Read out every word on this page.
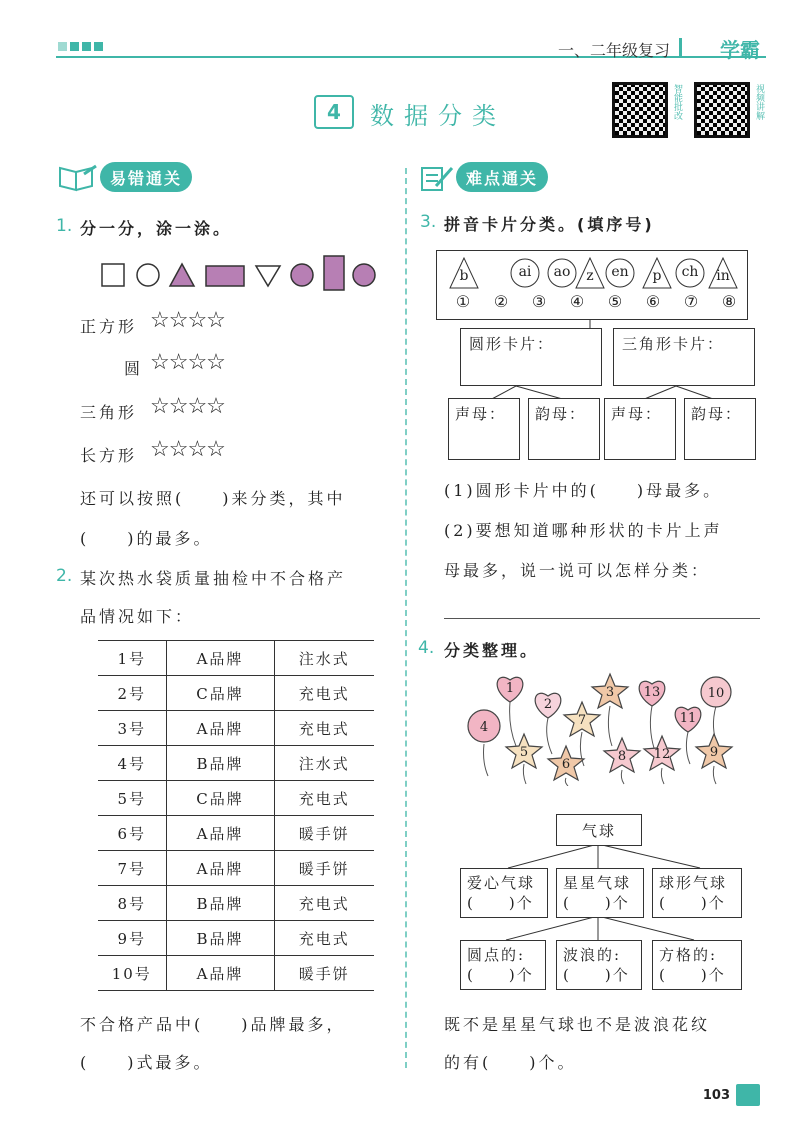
一、二年级复习	学霸
4	数据分类	智能批改	视频讲解
易错通关
1. 分一分，涂一涂。
正方形 ☆☆☆☆
圆 ☆☆☆☆
三角形 ☆☆☆☆
长方形 ☆☆☆☆
还可以按照(　　)来分类，其中
(　　)的最多。
2. 某次热水袋质量抽检中不合格产
品情况如下：
1号	A品牌	注水式
2号	C品牌	充电式
3号	A品牌	充电式
4号	B品牌	注水式
5号	C品牌	充电式
6号	A品牌	暖手饼
7号	A品牌	暖手饼
8号	B品牌	充电式
9号	B品牌	充电式
10号	A品牌	暖手饼
不合格产品中(　　)品牌最多，
(　　)式最多。
难点通关
3. 拼音卡片分类。(填序号)
b	ai	ao	z	en	p	ch	in
①	②	③	④	⑤	⑥	⑦	⑧
圆形卡片：	三角形卡片：
声母：	韵母：	声母：	韵母：
(1)圆形卡片中的(　　)母最多。
(2)要想知道哪种形状的卡片上声
母最多，说一说可以怎样分类：
4. 分类整理。
1
2
3 13	10
4	7	11
5
6
8 12	9
气球
爱心气球
(　　)个
星星气球
(　　)个
球形气球
(　　)个
圆点的:
(　　)个
波浪的:
(　　)个
方格的:
(　　)个
既不是星星气球也不是波浪花纹
的有(　　)个。
103
